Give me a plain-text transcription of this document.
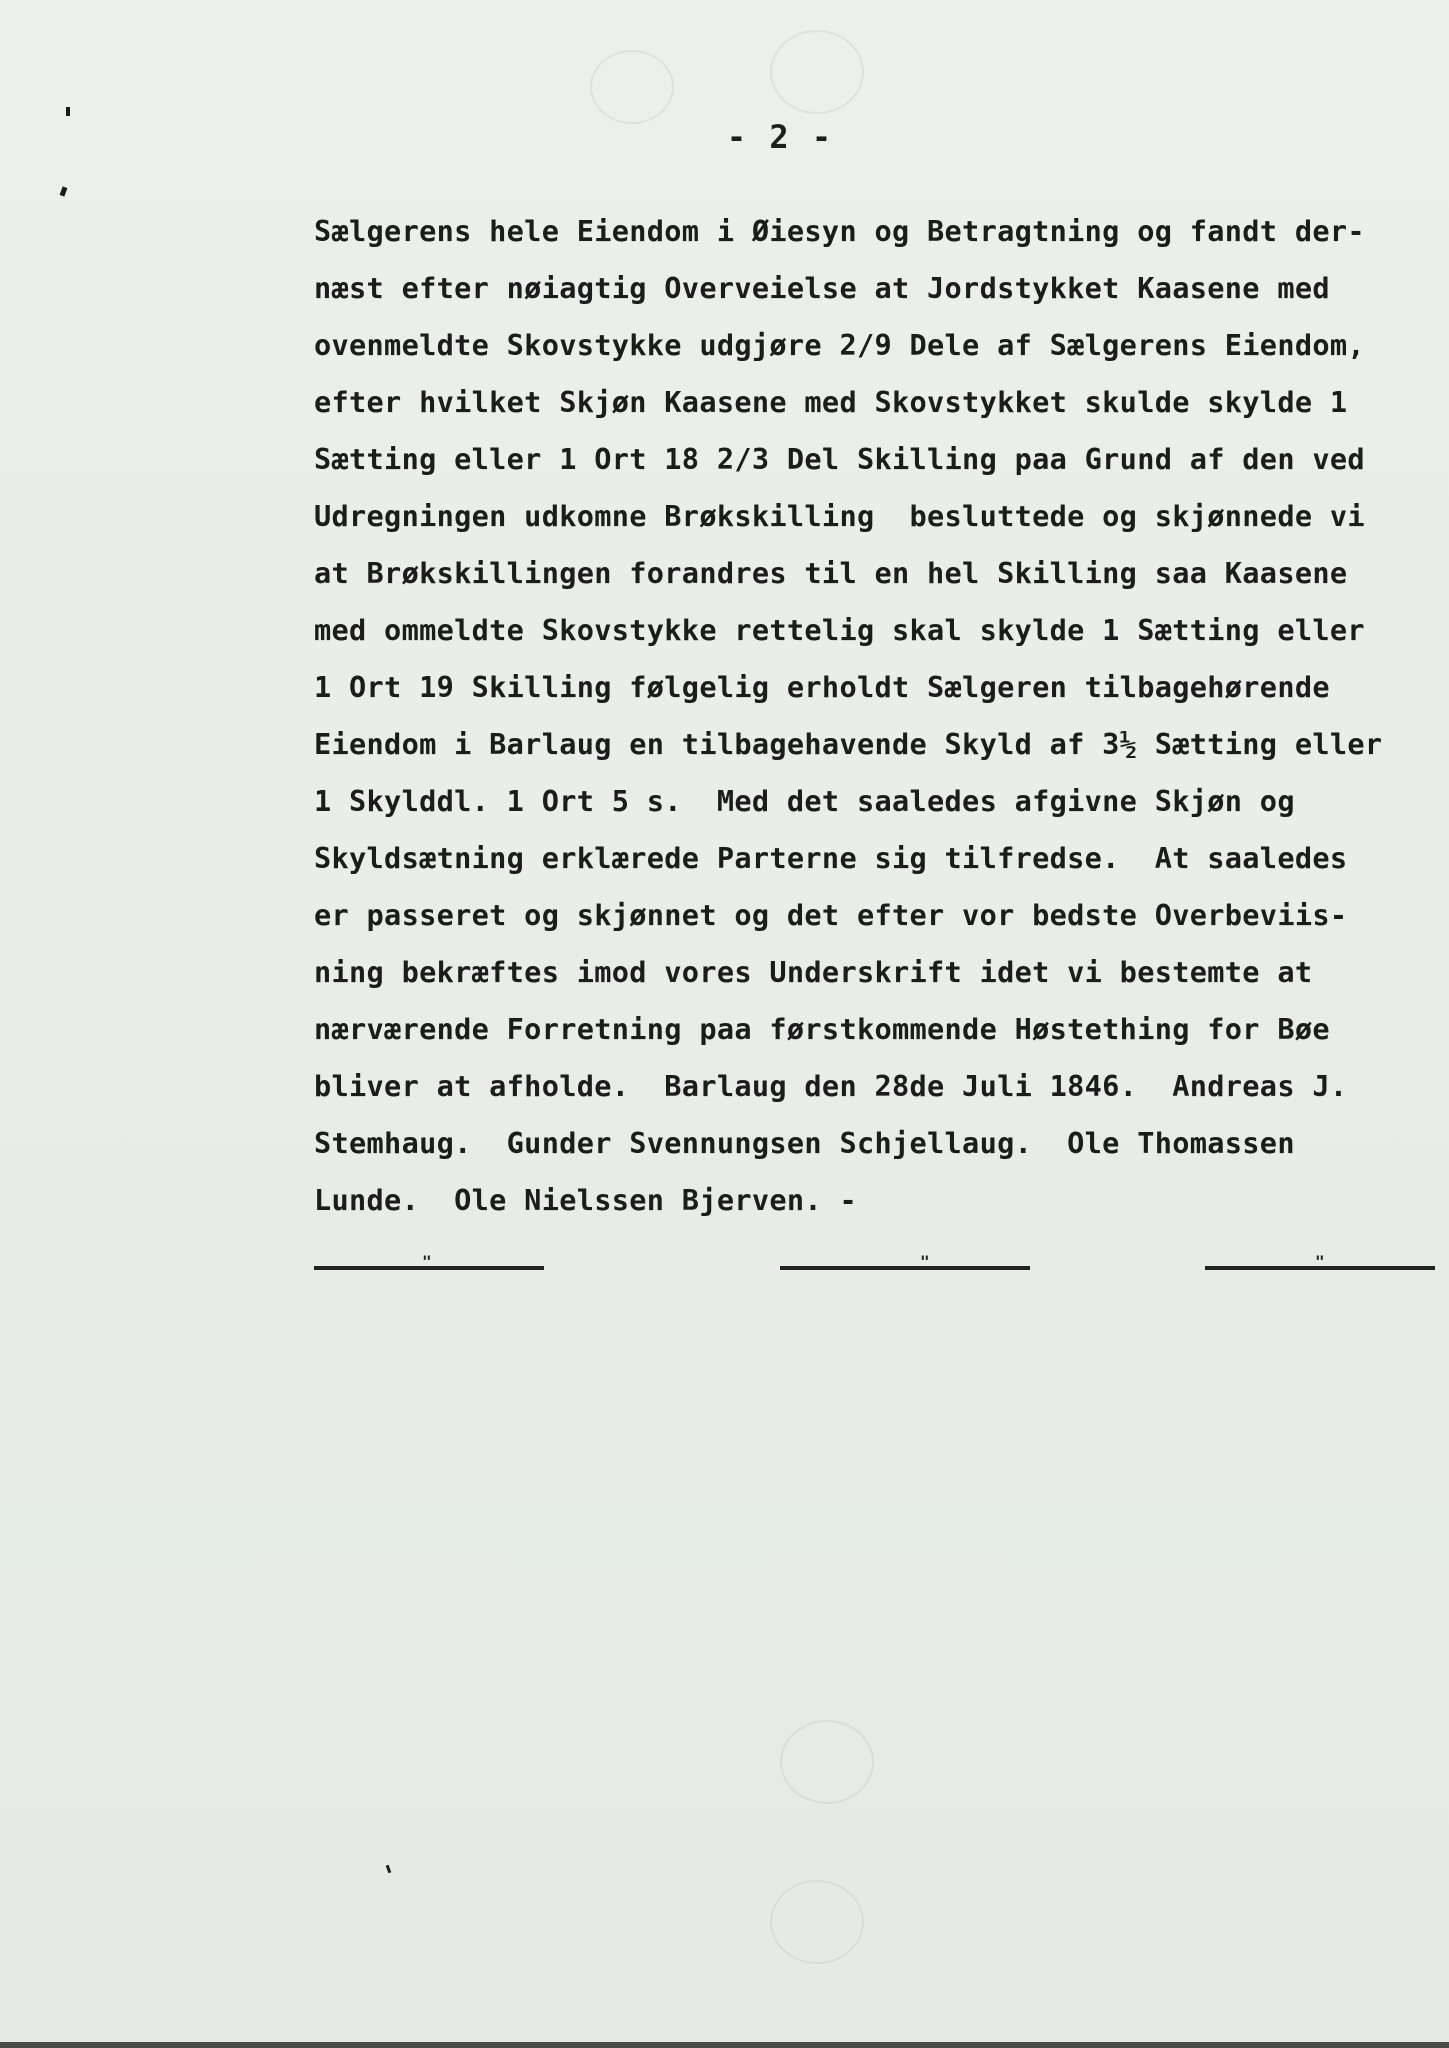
- 2 -
Sælgerens hele Eiendom i Øiesyn og Betragtning og fandt der-
næst efter nøiagtig Overveielse at Jordstykket Kaasene med
ovenmeldte Skovstykke udgjøre 2/9 Dele af Sælgerens Eiendom,
efter hvilket Skjøn Kaasene med Skovstykket skulde skylde 1
Sætting eller 1 Ort 18 2/3 Del Skilling paa Grund af den ved
Udregningen udkomne Brøkskilling  besluttede og skjønnede vi
at Brøkskillingen forandres til en hel Skilling saa Kaasene
med ommeldte Skovstykke rettelig skal skylde 1 Sætting eller
1 Ort 19 Skilling følgelig erholdt Sælgeren tilbagehørende
Eiendom i Barlaug en tilbagehavende Skyld af 3½ Sætting eller
1 Skylddl. 1 Ort 5 s.  Med det saaledes afgivne Skjøn og
Skyldsætning erklærede Parterne sig tilfredse.  At saaledes
er passeret og skjønnet og det efter vor bedste Overbeviis-
ning bekræftes imod vores Underskrift idet vi bestemte at
nærværende Forretning paa førstkommende Høstething for Bøe
bliver at afholde.  Barlaug den 28de Juli 1846.  Andreas J.
Stemhaug.  Gunder Svennungsen Schjellaug.  Ole Thomassen
Lunde.  Ole Nielssen Bjerven. -
"	"	"
